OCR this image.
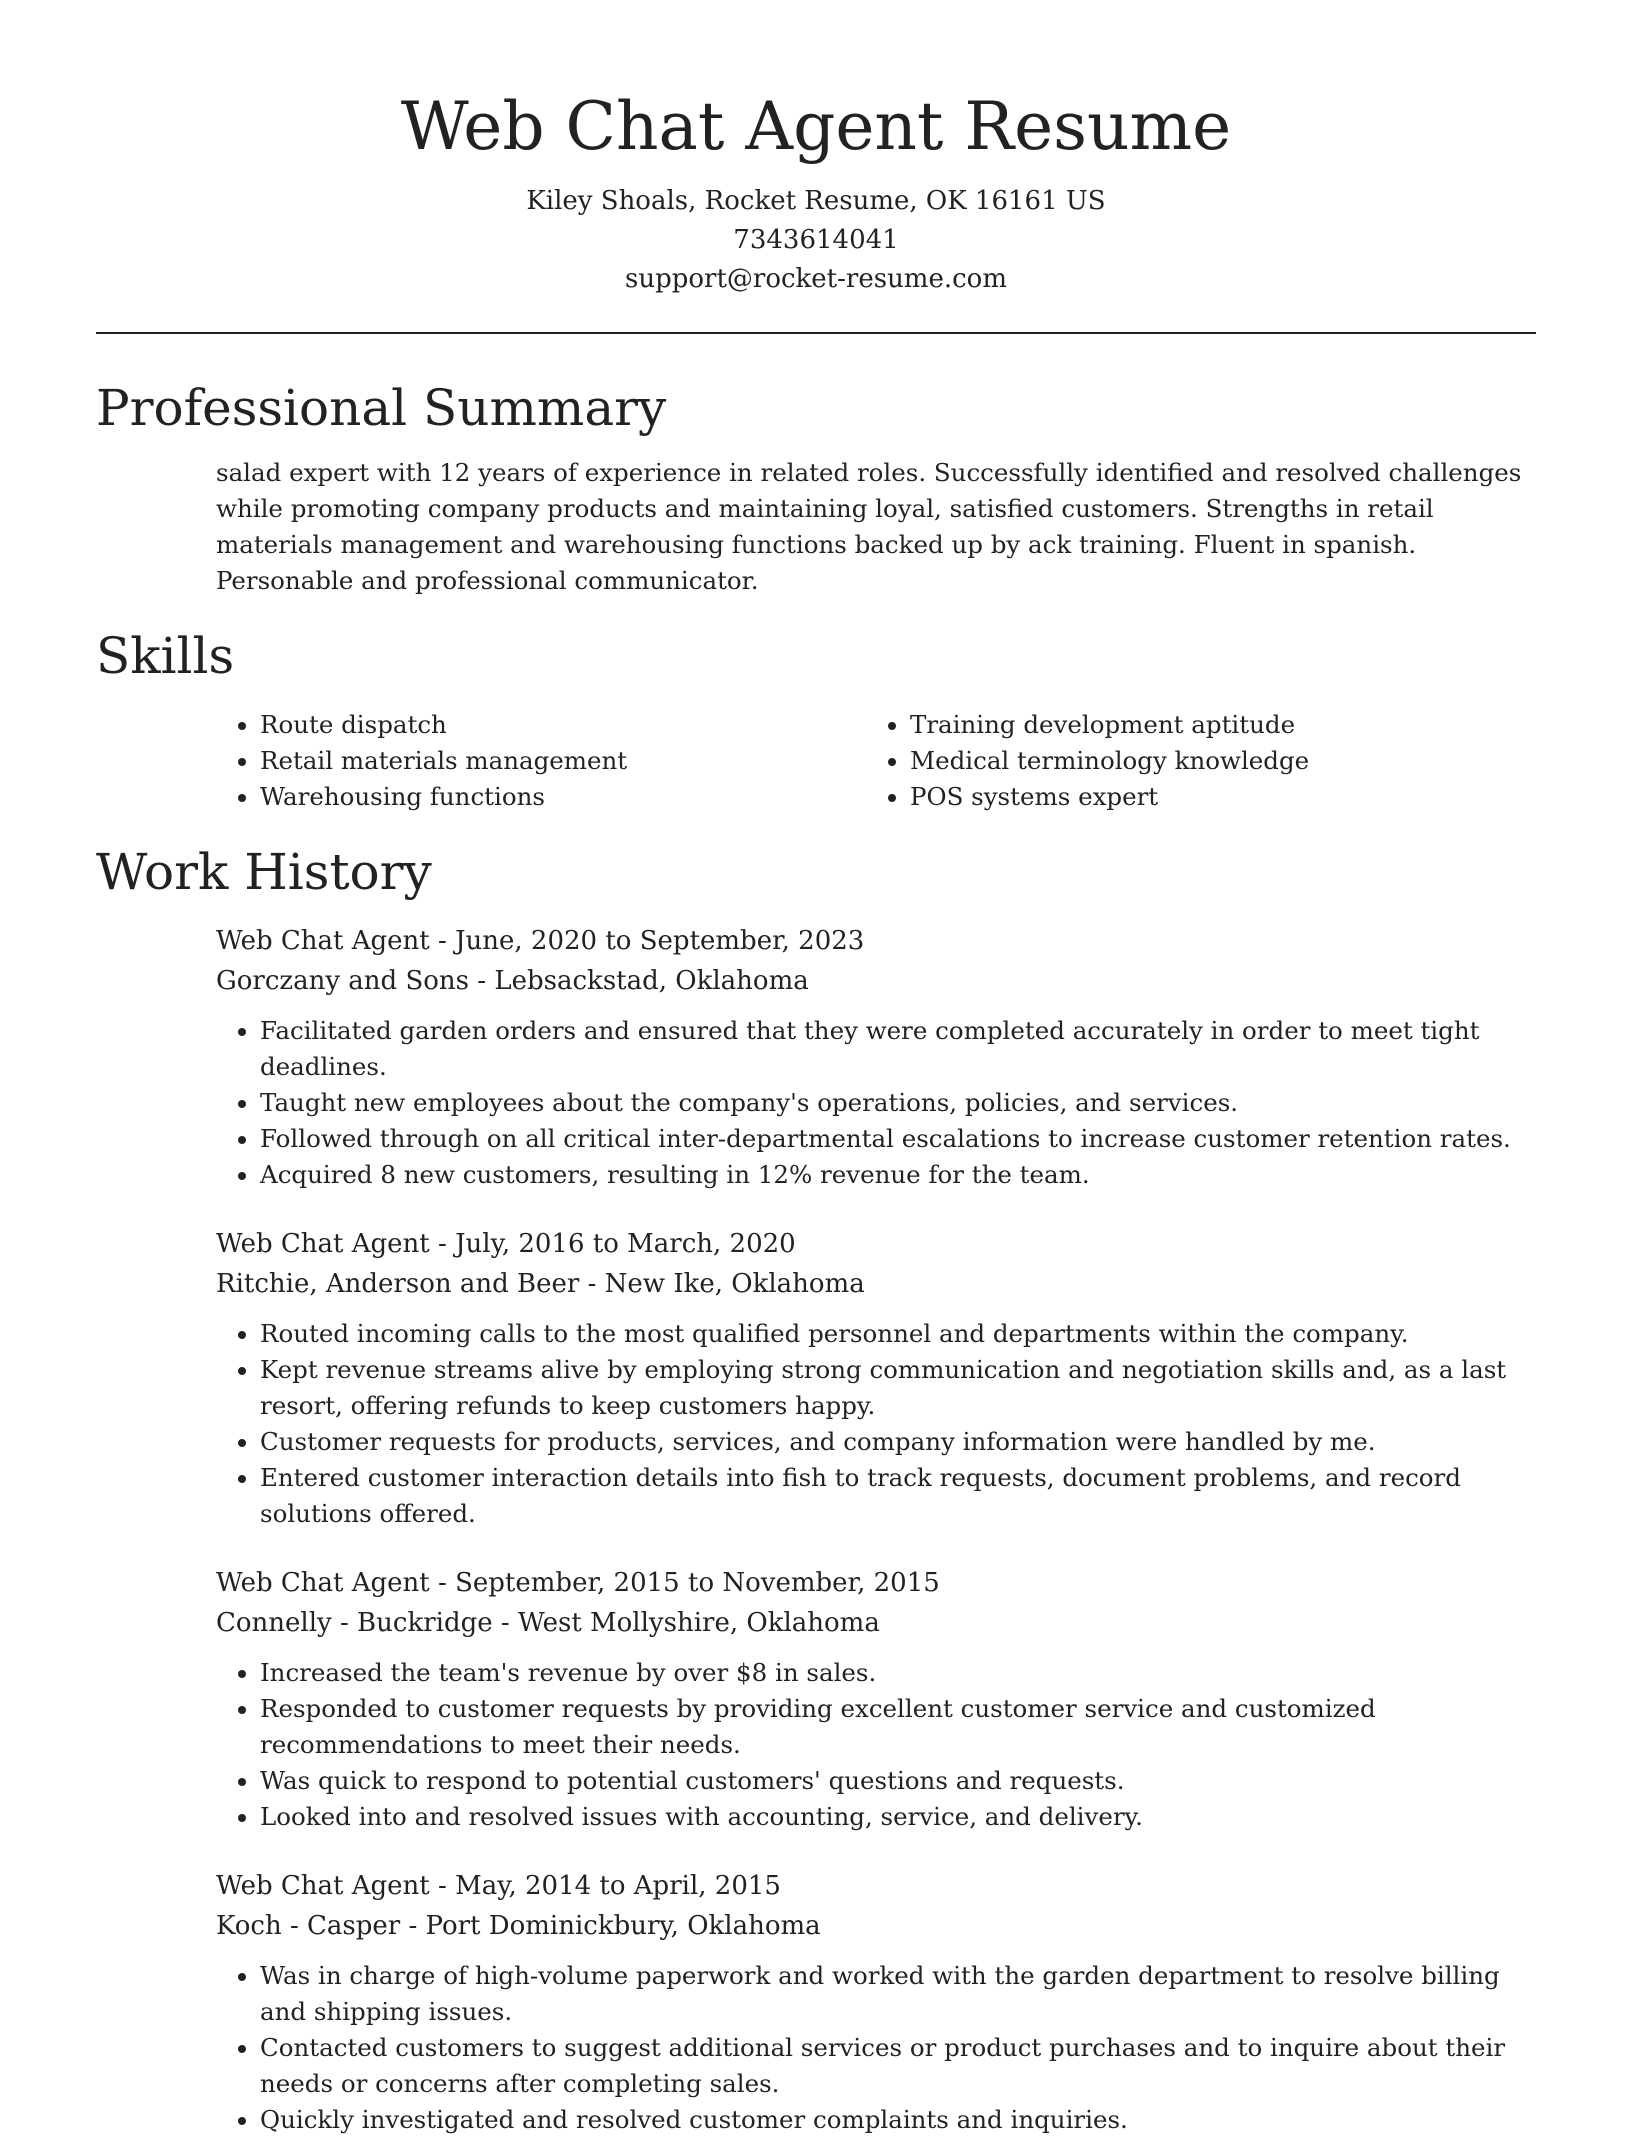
Web Chat Agent Resume

Kiley Shoals, Rocket Resume, OK 16161 US

7343614041

support@rocket-resume.com

Professional Summary

salad expert with 12 years of experience in related roles. Successfully identified and resolved challenges while promoting company products and maintaining loyal, satisfied customers. Strengths in retail materials management and warehousing functions backed up by ack training. Fluent in spanish. Personable and professional communicator.

Skills
• Route dispatch
• Retail materials management
• Warehousing functions
• Training development aptitude
• Medical terminology knowledge
• POS systems expert
Work History

Web Chat Agent - June, 2020 to September, 2023

Gorczany and Sons - Lebsackstad, Oklahoma

• Facilitated garden orders and ensured that they were completed accurately in order to meet tight deadlines.
• Taught new employees about the company's operations, policies, and services.
• Followed through on all critical inter-departmental escalations to increase customer retention rates.
• Acquired 8 new customers, resulting in 12% revenue for the team.

Web Chat Agent - July, 2016 to March, 2020

Ritchie, Anderson and Beer - New Ike, Oklahoma

• Routed incoming calls to the most qualified personnel and departments within the company.
• Kept revenue streams alive by employing strong communication and negotiation skills and, as a last resort, offering refunds to keep customers happy.
• Customer requests for products, services, and company information were handled by me.
• Entered customer interaction details into fish to track requests, document problems, and record solutions offered.

Web Chat Agent - September, 2015 to November, 2015

Connelly - Buckridge - West Mollyshire, Oklahoma

• Increased the team's revenue by over $8 in sales.
• Responded to customer requests by providing excellent customer service and customized recommendations to meet their needs.
• Was quick to respond to potential customers' questions and requests.
• Looked into and resolved issues with accounting, service, and delivery.

Web Chat Agent - May, 2014 to April, 2015

Koch - Casper - Port Dominickbury, Oklahoma

• Was in charge of high-volume paperwork and worked with the garden department to resolve billing and shipping issues.
• Contacted customers to suggest additional services or product purchases and to inquire about their needs or concerns after completing sales.
• Quickly investigated and resolved customer complaints and inquiries.
